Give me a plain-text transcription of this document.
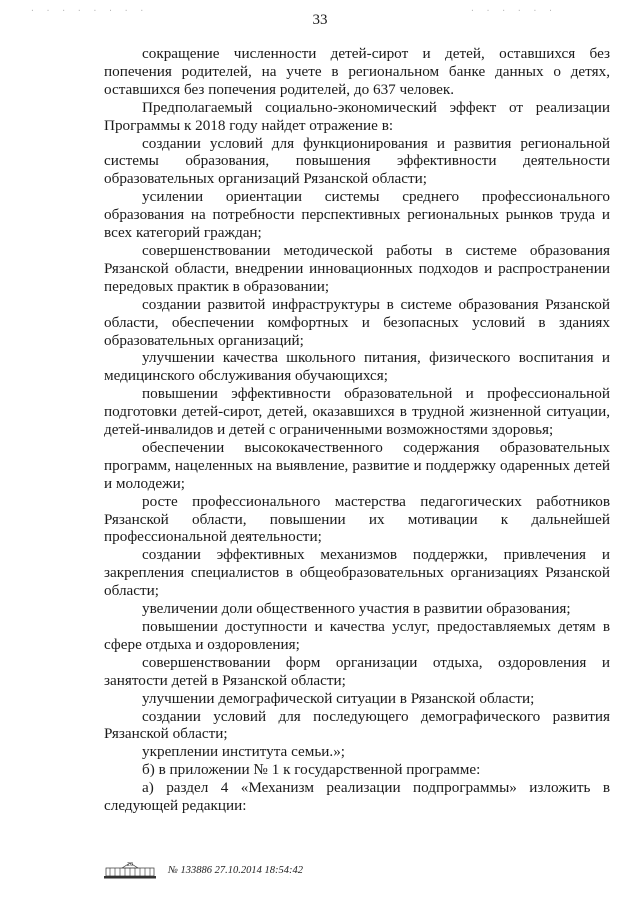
· · · · · · · ·	· · · · · ·
33

сокращение численности детей-сирот и детей, оставшихся без попечения родителей, на учете в региональном банке данных о детях, оставшихся без попечения родителей, до 637 человек.

Предполагаемый социально-экономический эффект от реализации Программы к 2018 году найдет отражение в:

создании условий для функционирования и развития региональной системы образования, повышения эффективности деятельности образовательных организаций Рязанской области;

усилении ориентации системы среднего профессионального образования на потребности перспективных региональных рынков труда и всех категорий граждан;

совершенствовании методической работы в системе образования Рязанской области, внедрении инновационных подходов и распространении передовых практик в образовании;

создании развитой инфраструктуры в системе образования Рязанской области, обеспечении комфортных и безопасных условий в зданиях образовательных организаций;

улучшении качества школьного питания, физического воспитания и медицинского обслуживания обучающихся;

повышении эффективности образовательной и профессиональной подготовки детей-сирот, детей, оказавшихся в трудной жизненной ситуации, детей-инвалидов и детей с ограниченными возможностями здоровья;

обеспечении высококачественного содержания образовательных программ, нацеленных на выявление, развитие и поддержку одаренных детей и молодежи;

росте профессионального мастерства педагогических работников Рязанской области, повышении их мотивации к дальнейшей профессиональной деятельности;

создании эффективных механизмов поддержки, привлечения и закрепления специалистов в общеобразовательных организациях Рязанской области;

увеличении доли общественного участия в развитии образования;

повышении доступности и качества услуг, предоставляемых детям в сфере отдыха и оздоровления;

совершенствовании форм организации отдыха, оздоровления и занятости детей в Рязанской области;

улучшении демографической ситуации в Рязанской области;

создании условий для последующего демографического развития Рязанской области;

укреплении института семьи.»;

б) в приложении № 1 к государственной программе:

а) раздел 4 «Механизм реализации подпрограммы» изложить в следующей редакции:

20	№ 133886 27.10.2014 18:54:42
